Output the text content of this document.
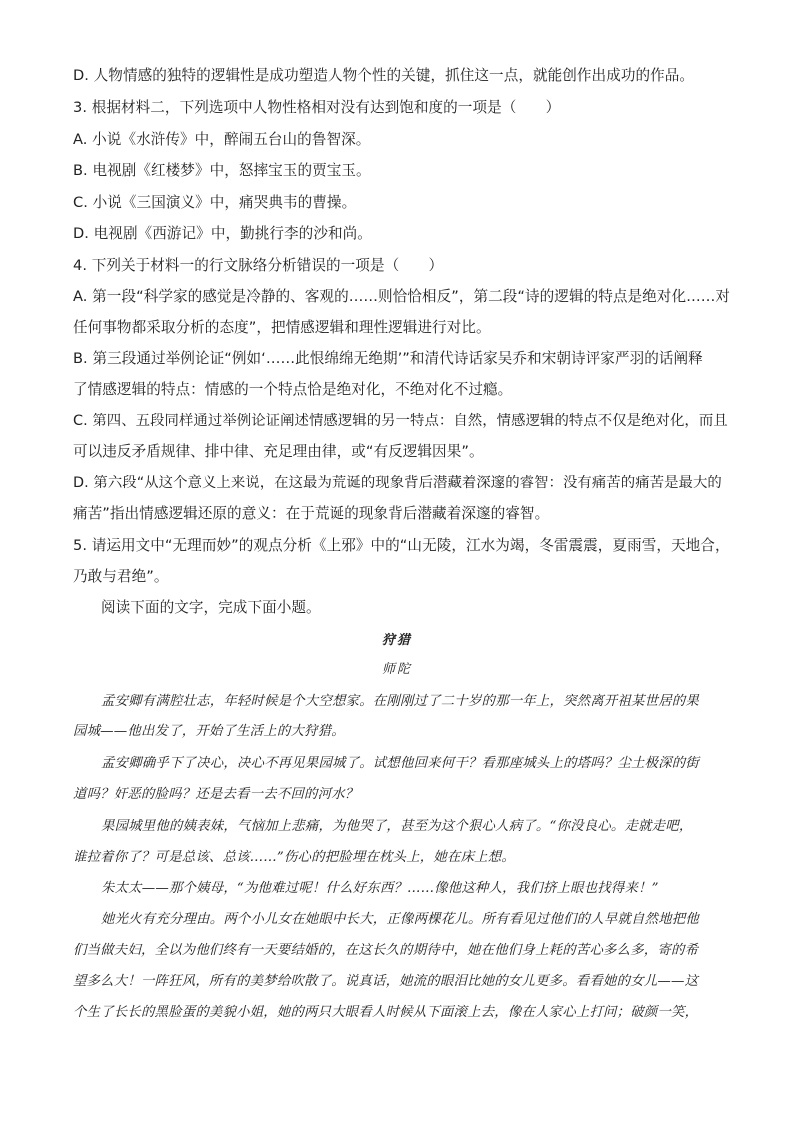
D. 人物情感的独特的逻辑性是成功塑造人物个性的关键，抓住这一点，就能创作出成功的作品。
3. 根据材料二，下列选项中人物性格相对没有达到饱和度的一项是（　　）
A. 小说《水浒传》中，醉闹五台山的鲁智深。
B. 电视剧《红楼梦》中，怒摔宝玉的贾宝玉。
C. 小说《三国演义》中，痛哭典韦的曹操。
D. 电视剧《西游记》中，勤挑行李的沙和尚。
4. 下列关于材料一的行文脉络分析错误的一项是（　　）
A. 第一段“科学家的感觉是冷静的、客观的……则恰恰相反”，第二段“诗的逻辑的特点是绝对化……对
任何事物都采取分析的态度”，把情感逻辑和理性逻辑进行对比。
B. 第三段通过举例论证“例如‘……此恨绵绵无绝期’”和清代诗话家吴乔和宋朝诗评家严羽的话阐释
了情感逻辑的特点：情感的一个特点恰是绝对化，不绝对化不过瘾。
C. 第四、五段同样通过举例论证阐述情感逻辑的另一特点：自然，情感逻辑的特点不仅是绝对化，而且
可以违反矛盾规律、排中律、充足理由律，或“有反逻辑因果”。
D. 第六段“从这个意义上来说，在这最为荒诞的现象背后潜藏着深邃的睿智：没有痛苦的痛苦是最大的
痛苦”指出情感逻辑还原的意义：在于荒诞的现象背后潜藏着深邃的睿智。
5. 请运用文中“无理而妙”的观点分析《上邪》中的“山无陵，江水为竭，冬雷震震，夏雨雪，天地合，
乃敢与君绝”。
阅读下面的文字，完成下面小题。
狩猎
师陀
孟安卿有满腔壮志，年轻时候是个大空想家。在刚刚过了二十岁的那一年上，突然离开祖某世居的果
园城——他出发了，开始了生活上的大狩猎。
孟安卿确乎下了决心，决心不再见果园城了。试想他回来何干？看那座城头上的塔吗？尘土极深的街
道吗？奸恶的脸吗？还是去看一去不回的河水？
果园城里他的姨表妹，气恼加上悲痛，为他哭了，甚至为这个狠心人病了。“你没良心。走就走吧，
谁拉着你了？可是总该、总该……”伤心的把脸埋在枕头上，她在床上想。
朱太太——那个姨母，“为他难过呢！什么好东西？……像他这种人，我们挤上眼也找得来！”
她光火有充分理由。两个小儿女在她眼中长大，正像两棵花儿。所有看见过他们的人早就自然地把他
们当做夫妇，全以为他们终有一天要结婚的，在这长久的期待中，她在他们身上耗的苦心多么多，寄的希
望多么大！一阵狂风，所有的美梦给吹散了。说真话，她流的眼泪比她的女儿更多。看看她的女儿——这
个生了长长的黑脸蛋的美貌小姐，她的两只大眼看人时候从下面滚上去，像在人家心上打问；破颜一笑，
